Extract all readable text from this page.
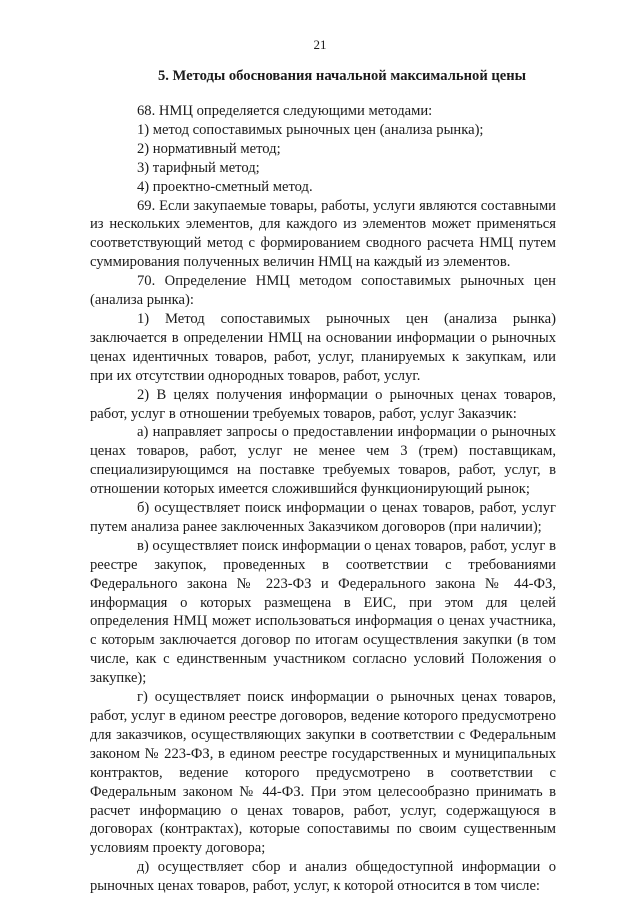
21
5. Методы обоснования начальной максимальной цены

68. НМЦ определяется следующими методами:

1) метод сопоставимых рыночных цен (анализа рынка);

2) нормативный метод;

3) тарифный метод;

4) проектно-сметный метод.

69. Если закупаемые товары, работы, услуги являются составными из нескольких элементов, для каждого из элементов может применяться соответствующий метод с формированием сводного расчета НМЦ путем суммирования полученных величин НМЦ на каждый из элементов.

70. Определение НМЦ методом сопоставимых рыночных цен (анализа рынка):

1) Метод сопоставимых рыночных цен (анализа рынка) заключается в определении НМЦ на основании информации о рыночных ценах идентичных товаров, работ, услуг, планируемых к закупкам, или при их отсутствии однородных товаров, работ, услуг.

2) В целях получения информации о рыночных ценах товаров, работ, услуг в отношении требуемых товаров, работ, услуг Заказчик:

а) направляет запросы о предоставлении информации о рыночных ценах товаров, работ, услуг не менее чем 3 (трем) поставщикам, специализирующимся на поставке требуемых товаров, работ, услуг, в отношении которых имеется сложившийся функционирующий рынок;

б) осуществляет поиск информации о ценах товаров, работ, услуг путем анализа ранее заключенных Заказчиком договоров (при наличии);

в) осуществляет поиск информации о ценах товаров, работ, услуг в реестре закупок, проведенных в соответствии с требованиями Федерального закона № 223-ФЗ и Федерального закона № 44-ФЗ, информация о которых размещена в ЕИС, при этом для целей определения НМЦ может использоваться информация о ценах участника, с которым заключается договор по итогам осуществления закупки (в том числе, как с единственным участником согласно условий Положения о закупке);

г) осуществляет поиск информации о рыночных ценах товаров, работ, услуг в едином реестре договоров, ведение которого предусмотрено для заказчиков, осуществляющих закупки в соответствии с Федеральным законом № 223-ФЗ, в едином реестре государственных и муниципальных контрактов, ведение которого предусмотрено в соответствии с Федеральным законом № 44-ФЗ. При этом целесообразно принимать в расчет информацию о ценах товаров, работ, услуг, содержащуюся в договорах (контрактах), которые сопоставимы по своим существенным условиям проекту договора;

д) осуществляет сбор и анализ общедоступной информации о рыночных ценах товаров, работ, услуг, к которой относится в том числе:
